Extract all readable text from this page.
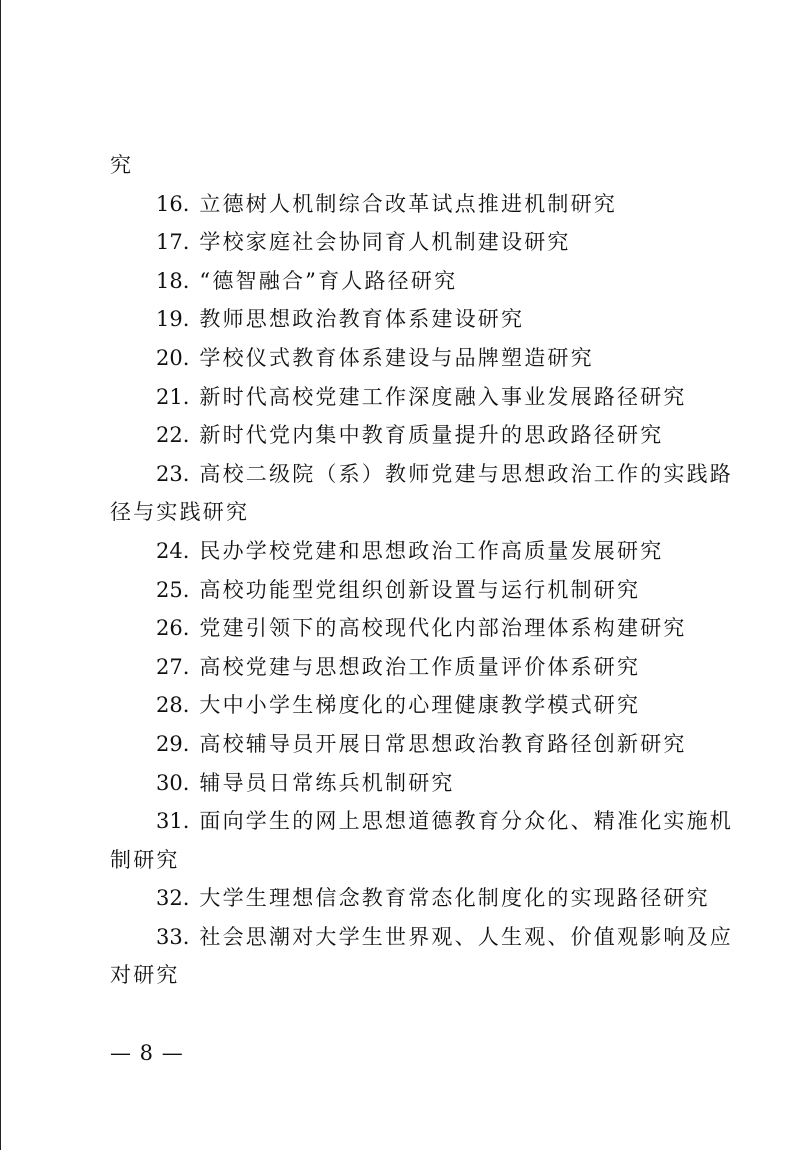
究

16. 立德树人机制综合改革试点推进机制研究

17. 学校家庭社会协同育人机制建设研究

18. “德智融合”育人路径研究

19. 教师思想政治教育体系建设研究

20. 学校仪式教育体系建设与品牌塑造研究

21. 新时代高校党建工作深度融入事业发展路径研究

22. 新时代党内集中教育质量提升的思政路径研究

23. 高校二级院（系）教师党建与思想政治工作的实践路

径与实践研究

24. 民办学校党建和思想政治工作高质量发展研究

25. 高校功能型党组织创新设置与运行机制研究

26. 党建引领下的高校现代化内部治理体系构建研究

27. 高校党建与思想政治工作质量评价体系研究

28. 大中小学生梯度化的心理健康教学模式研究

29. 高校辅导员开展日常思想政治教育路径创新研究

30. 辅导员日常练兵机制研究

31. 面向学生的网上思想道德教育分众化、精准化实施机

制研究

32. 大学生理想信念教育常态化制度化的实现路径研究

33. 社会思潮对大学生世界观、人生观、价值观影响及应

对研究

— 8 —
